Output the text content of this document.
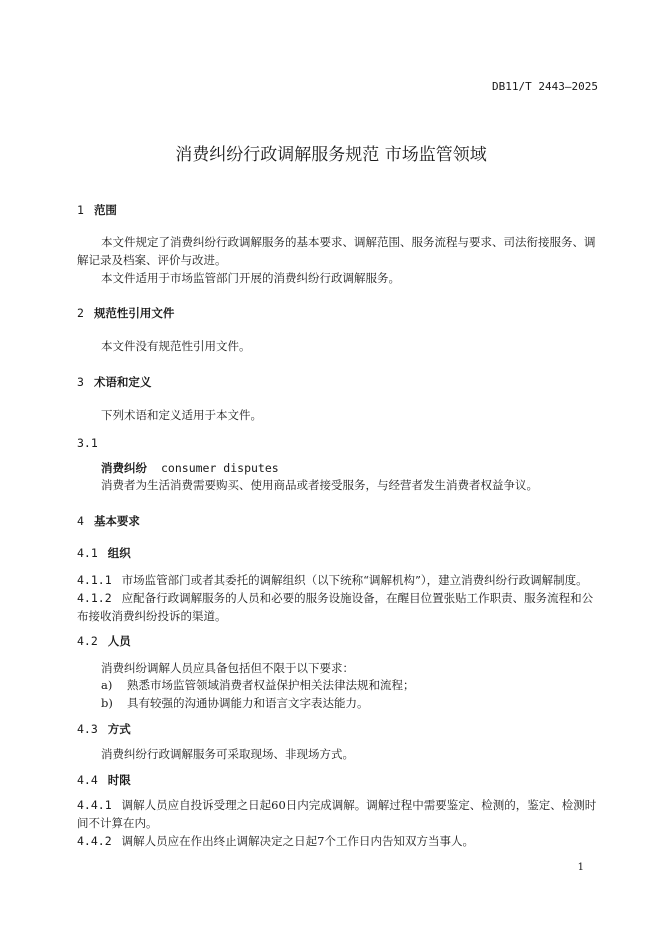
DB11/T 2443—2025
消费纠纷行政调解服务规范 市场监管领域
1 范围
本文件规定了消费纠纷行政调解服务的基本要求、调解范围、服务流程与要求、司法衔接服务、调解记录及档案、评价与改进。
本文件适用于市场监管部门开展的消费纠纷行政调解服务。
2 规范性引用文件
本文件没有规范性引用文件。
3 术语和定义
下列术语和定义适用于本文件。
3.1
消费纠纷 consumer disputes
消费者为生活消费需要购买、使用商品或者接受服务，与经营者发生消费者权益争议。
4 基本要求
4.1 组织
4.1.1 市场监管部门或者其委托的调解组织（以下统称“调解机构”），建立消费纠纷行政调解制度。
4.1.2 应配备行政调解服务的人员和必要的服务设施设备，在醒目位置张贴工作职责、服务流程和公布接收消费纠纷投诉的渠道。
4.2 人员
消费纠纷调解人员应具备包括但不限于以下要求：
a) 熟悉市场监管领域消费者权益保护相关法律法规和流程；
b) 具有较强的沟通协调能力和语言文字表达能力。
4.3 方式
消费纠纷行政调解服务可采取现场、非现场方式。
4.4 时限
4.4.1 调解人员应自投诉受理之日起60日内完成调解。调解过程中需要鉴定、检测的，鉴定、检测时间不计算在内。
4.4.2 调解人员应在作出终止调解决定之日起7个工作日内告知双方当事人。
1
